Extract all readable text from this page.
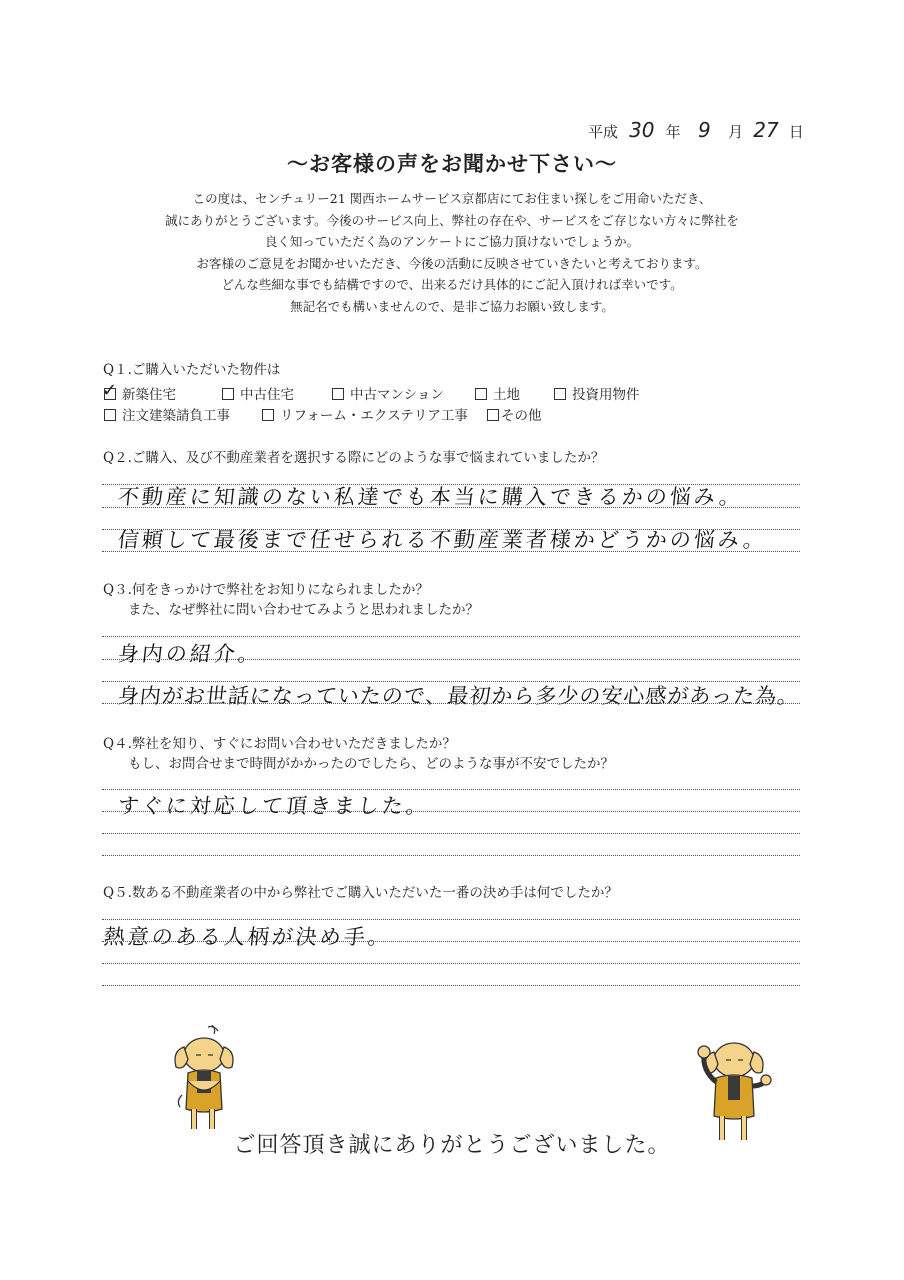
平成 30 年 9 月 27 日
～お客様の声をお聞かせ下さい～
この度は、センチュリー21 関西ホームサービス京都店にてお住まい探しをご用命いただき、
誠にありがとうございます。今後のサービス向上、弊社の存在や、サービスをご存じない方々に弊社を
良く知っていただく為のアンケートにご協力頂けないでしょうか。
お客様のご意見をお聞かせいただき、今後の活動に反映させていきたいと考えております。
どんな些細な事でも結構ですので、出来るだけ具体的にご記入頂ければ幸いです。
無記名でも構いませんので、是非ご協力お願い致します。
Q１.ご購入いただいた物件は
✓新築住宅	中古住宅	中古マンション	土地	投資用物件
注文建築請負工事	リフォーム・エクステリア工事	その他
Q２.ご購入、及び不動産業者を選択する際にどのような事で悩まれていましたか？
不動産に知識のない私達でも本当に購入できるかの悩み。
信頼して最後まで任せられる不動産業者様かどうかの悩み。
Q３.何をきっかけで弊社をお知りになられましたか？
また、なぜ弊社に問い合わせてみようと思われましたか？
身内の紹介。
身内がお世話になっていたので、最初から多少の安心感があった為。
Q４.弊社を知り、すぐにお問い合わせいただきましたか？
もし、お問合せまで時間がかかったのでしたら、どのような事が不安でしたか？
すぐに対応して頂きました。
Q５.数ある不動産業者の中から弊社でご購入いただいた一番の決め手は何でしたか？
熱意のある人柄が決め手。
ご回答頂き誠にありがとうございました。
